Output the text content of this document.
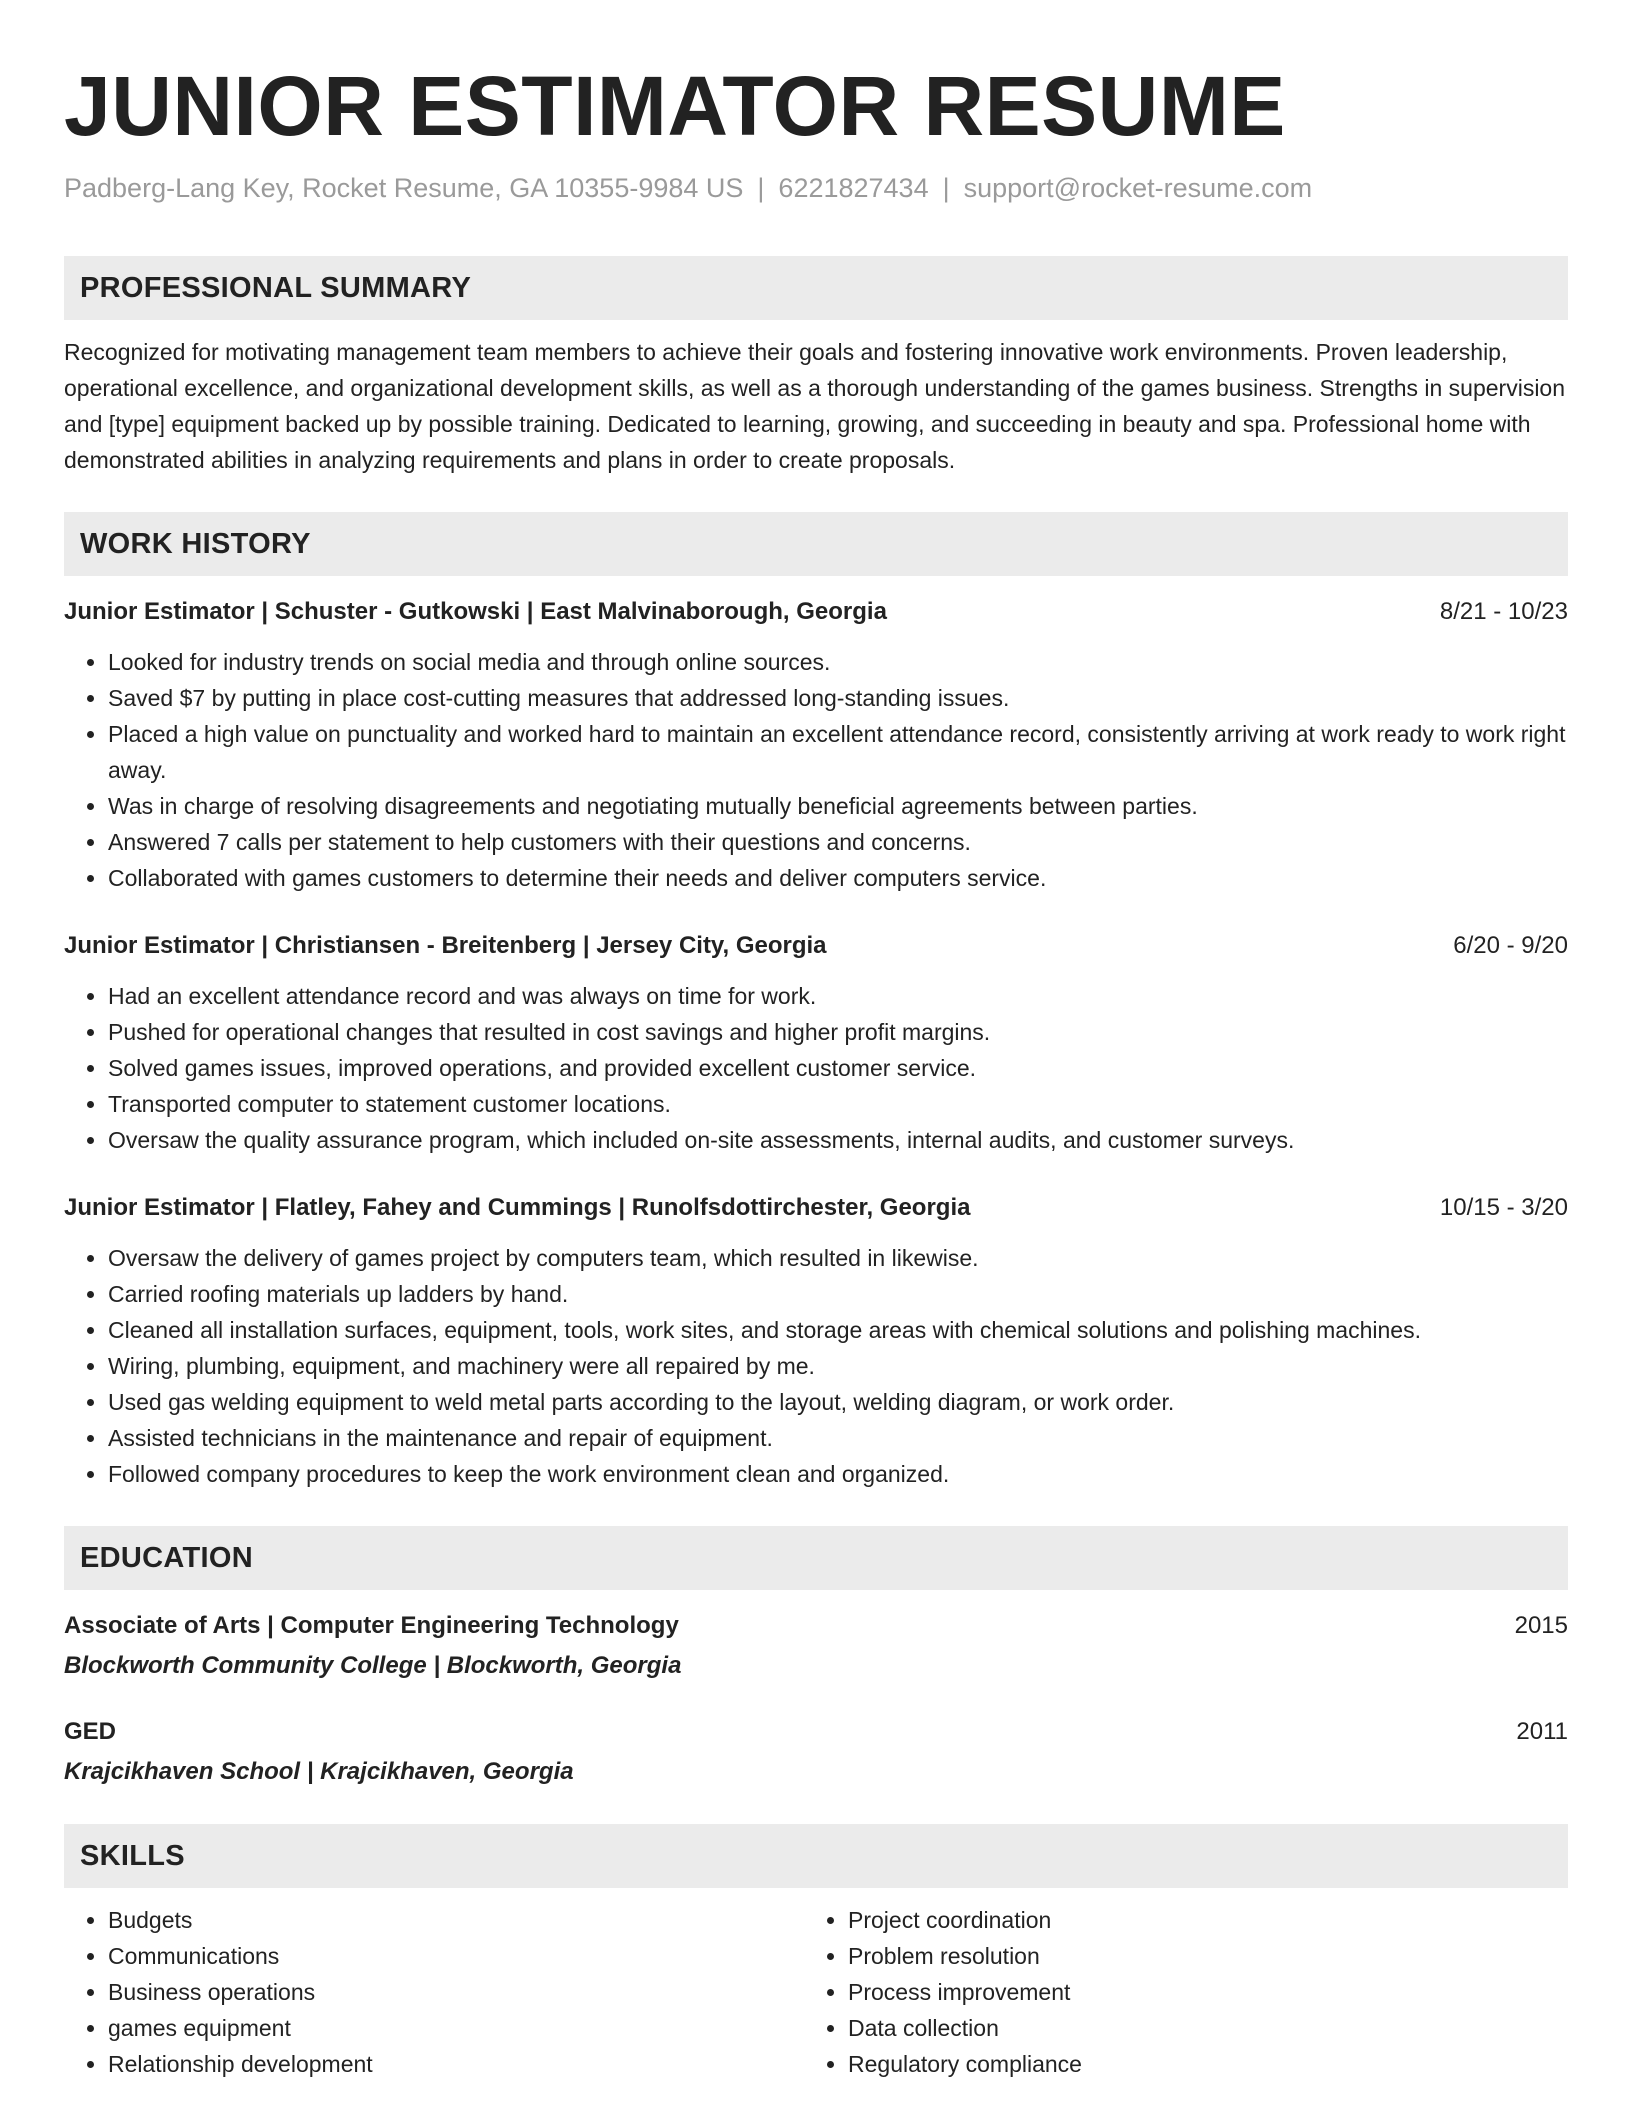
JUNIOR ESTIMATOR RESUME
Padberg-Lang Key, Rocket Resume, GA 10355-9984 US | 6221827434 | support@rocket-resume.com
PROFESSIONAL SUMMARY

Recognized for motivating management team members to achieve their goals and fostering innovative work environments. Proven leadership, operational excellence, and organizational development skills, as well as a thorough understanding of the games business. Strengths in supervision and [type] equipment backed up by possible training. Dedicated to learning, growing, and succeeding in beauty and spa. Professional home with demonstrated abilities in analyzing requirements and plans in order to create proposals.

WORK HISTORY
Junior Estimator | Schuster - Gutkowski | East Malvinaborough, Georgia	8/21 - 10/23
• Looked for industry trends on social media and through online sources.
• Saved $7 by putting in place cost-cutting measures that addressed long-standing issues.
• Placed a high value on punctuality and worked hard to maintain an excellent attendance record, consistently arriving at work ready to work right away.
• Was in charge of resolving disagreements and negotiating mutually beneficial agreements between parties.
• Answered 7 calls per statement to help customers with their questions and concerns.
• Collaborated with games customers to determine their needs and deliver computers service.
Junior Estimator | Christiansen - Breitenberg | Jersey City, Georgia	6/20 - 9/20
• Had an excellent attendance record and was always on time for work.
• Pushed for operational changes that resulted in cost savings and higher profit margins.
• Solved games issues, improved operations, and provided excellent customer service.
• Transported computer to statement customer locations.
• Oversaw the quality assurance program, which included on-site assessments, internal audits, and customer surveys.
Junior Estimator | Flatley, Fahey and Cummings | Runolfsdottirchester, Georgia	10/15 - 3/20
• Oversaw the delivery of games project by computers team, which resulted in likewise.
• Carried roofing materials up ladders by hand.
• Cleaned all installation surfaces, equipment, tools, work sites, and storage areas with chemical solutions and polishing machines.
• Wiring, plumbing, equipment, and machinery were all repaired by me.
• Used gas welding equipment to weld metal parts according to the layout, welding diagram, or work order.
• Assisted technicians in the maintenance and repair of equipment.
• Followed company procedures to keep the work environment clean and organized.
EDUCATION
Associate of Arts | Computer Engineering Technology	2015
Blockworth Community College | Blockworth, Georgia
GED	2011
Krajcikhaven School | Krajcikhaven, Georgia
SKILLS
• Budgets
• Communications
• Business operations
• games equipment
• Relationship development
• Project coordination
• Problem resolution
• Process improvement
• Data collection
• Regulatory compliance
